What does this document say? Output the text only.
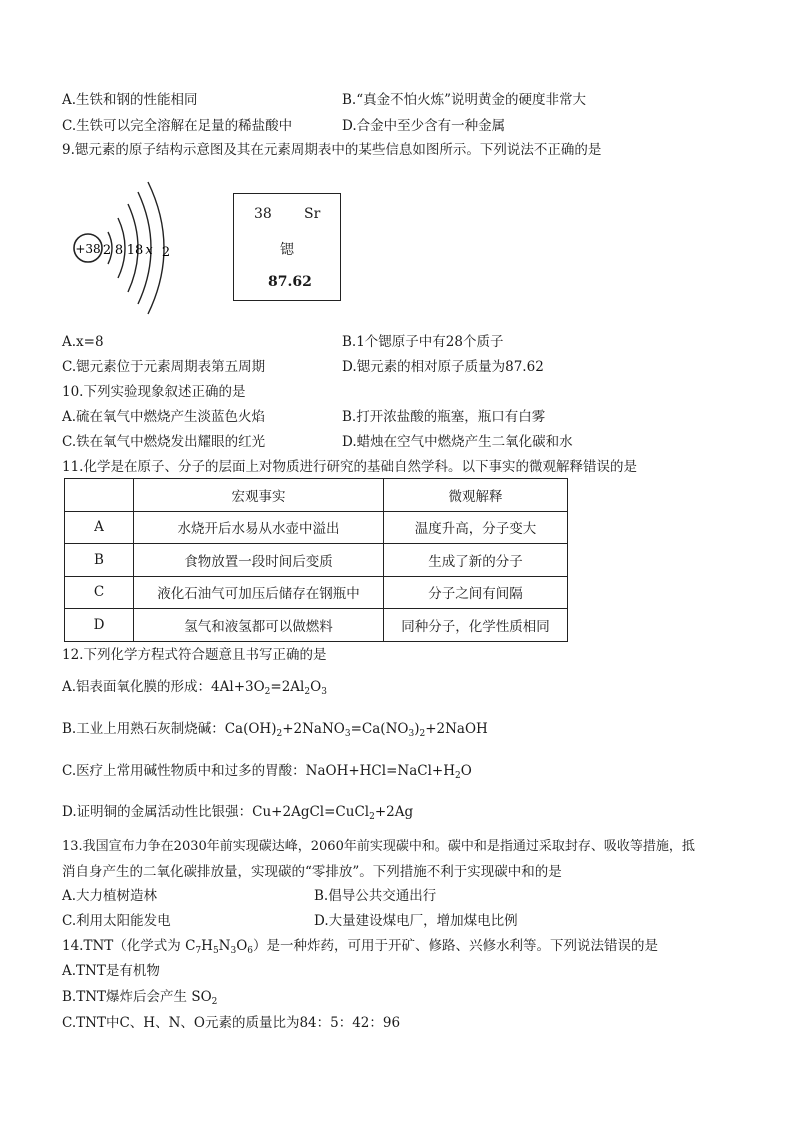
A.生铁和钢的性能相同	B.“真金不怕火炼”说明黄金的硬度非常大
C.生铁可以完全溶解在足量的稀盐酸中	D.合金中至少含有一种金属
9.锶元素的原子结构示意图及其在元素周期表中的某些信息如图所示。下列说法不正确的是
+38 2 8 18 x 2
38 Sr
锶
87.62
A.x=8	B.1个锶原子中有28个质子
C.锶元素位于元素周期表第五周期	D.锶元素的相对原子质量为87.62
10.下列实验现象叙述正确的是
A.硫在氧气中燃烧产生淡蓝色火焰	B.打开浓盐酸的瓶塞，瓶口有白雾
C.铁在氧气中燃烧发出耀眼的红光	D.蜡烛在空气中燃烧产生二氧化碳和水
11.化学是在原子、分子的层面上对物质进行研究的基础自然学科。以下事实的微观解释错误的是
	宏观事实	微观解释
A	水烧开后水易从水壶中溢出	温度升高，分子变大
B	食物放置一段时间后变质	生成了新的分子
C	液化石油气可加压后储存在钢瓶中	分子之间有间隔
D	氢气和液氢都可以做燃料	同种分子，化学性质相同
12.下列化学方程式符合题意且书写正确的是
A.铝表面氧化膜的形成：$4Al+3O_2=2Al_2O_3$
B.工业上用熟石灰制烧碱：$Ca(OH)_2+2NaNO_3=Ca(NO_3)_2+2NaOH$
C.医疗上常用碱性物质中和过多的胃酸：$NaOH+HCl=NaCl+H_2O$
D.证明铜的金属活动性比银强：Cu+2AgCl=CuCl$_2$+2Ag
13.我国宣布力争在2030年前实现碳达峰，2060年前实现碳中和。碳中和是指通过采取封存、吸收等措施，抵
消自身产生的二氧化碳排放量，实现碳的“零排放”。下列措施不利于实现碳中和的是
A.大力植树造林	B.倡导公共交通出行
C.利用太阳能发电	D.大量建设煤电厂，增加煤电比例
14.TNT（化学式为 $C_7H_5N_3O_6$）是一种炸药，可用于开矿、修路、兴修水利等。下列说法错误的是
A.TNT是有机物
B.TNT爆炸后会产生 $SO_2$
C.TNT中C、H、N、O元素的质量比为84：5：42：96
